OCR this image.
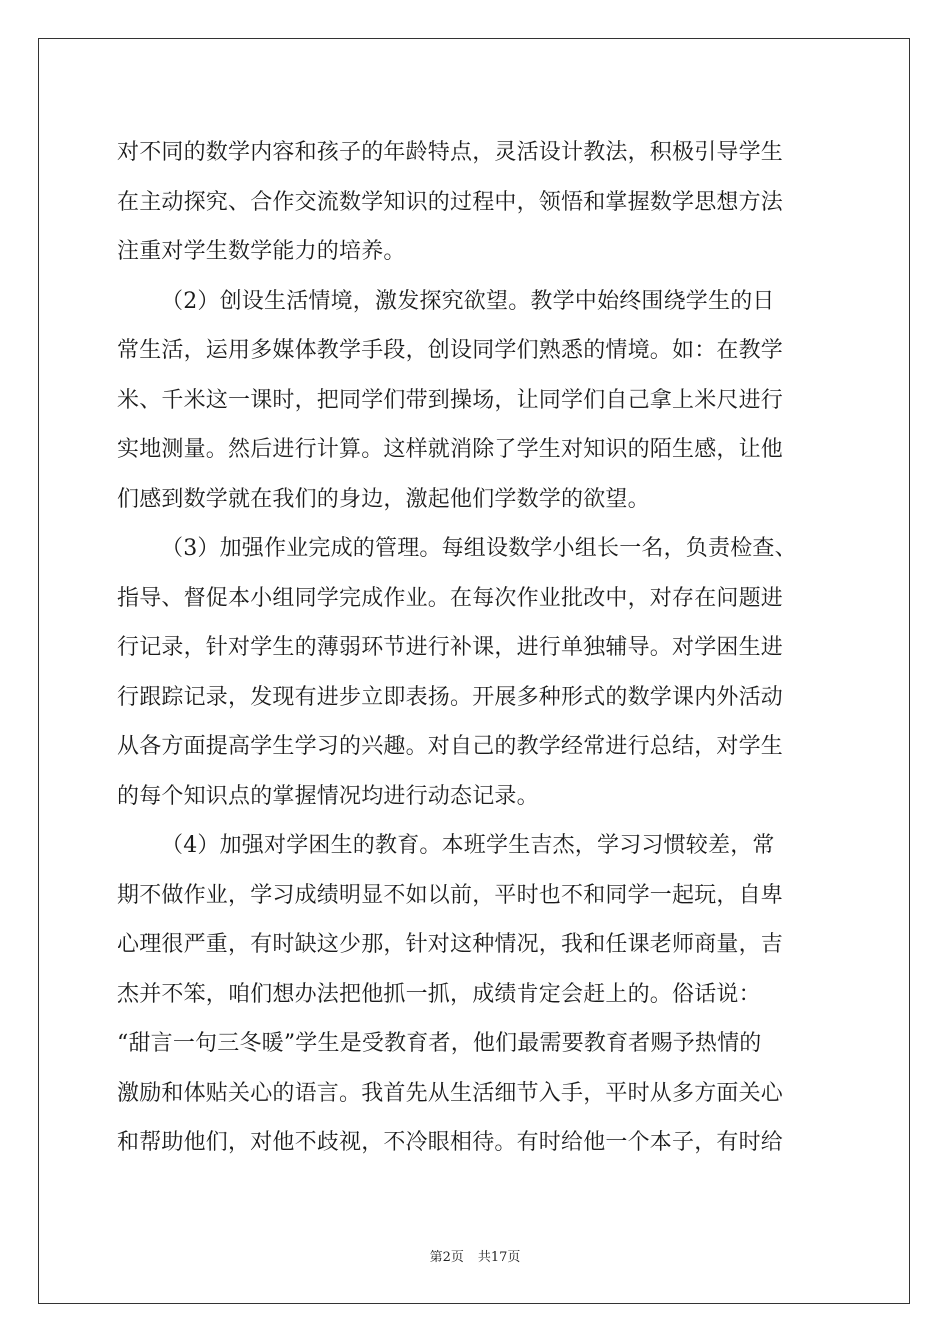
对不同的数学内容和孩子的年龄特点，灵活设计教法，积极引导学生
在主动探究、合作交流数学知识的过程中，领悟和掌握数学思想方法
注重对学生数学能力的培养。
（2）创设生活情境，激发探究欲望。教学中始终围绕学生的日
常生活，运用多媒体教学手段，创设同学们熟悉的情境。如：在教学
米、千米这一课时，把同学们带到操场，让同学们自己拿上米尺进行
实地测量。然后进行计算。这样就消除了学生对知识的陌生感，让他
们感到数学就在我们的身边，激起他们学数学的欲望。
（3）加强作业完成的管理。每组设数学小组长一名，负责检查、
指导、督促本小组同学完成作业。在每次作业批改中，对存在问题进
行记录，针对学生的薄弱环节进行补课，进行单独辅导。对学困生进
行跟踪记录，发现有进步立即表扬。开展多种形式的数学课内外活动
从各方面提高学生学习的兴趣。对自己的教学经常进行总结，对学生
的每个知识点的掌握情况均进行动态记录。
（4）加强对学困生的教育。本班学生吉杰，学习习惯较差，常
期不做作业，学习成绩明显不如以前，平时也不和同学一起玩，自卑
心理很严重，有时缺这少那，针对这种情况，我和任课老师商量，吉
杰并不笨，咱们想办法把他抓一抓，成绩肯定会赶上的。俗话说：
“甜言一句三冬暖”学生是受教育者，他们最需要教育者赐予热情的
激励和体贴关心的语言。我首先从生活细节入手，平时从多方面关心
和帮助他们，对他不歧视，不冷眼相待。有时给他一个本子，有时给
第2页 共17页
